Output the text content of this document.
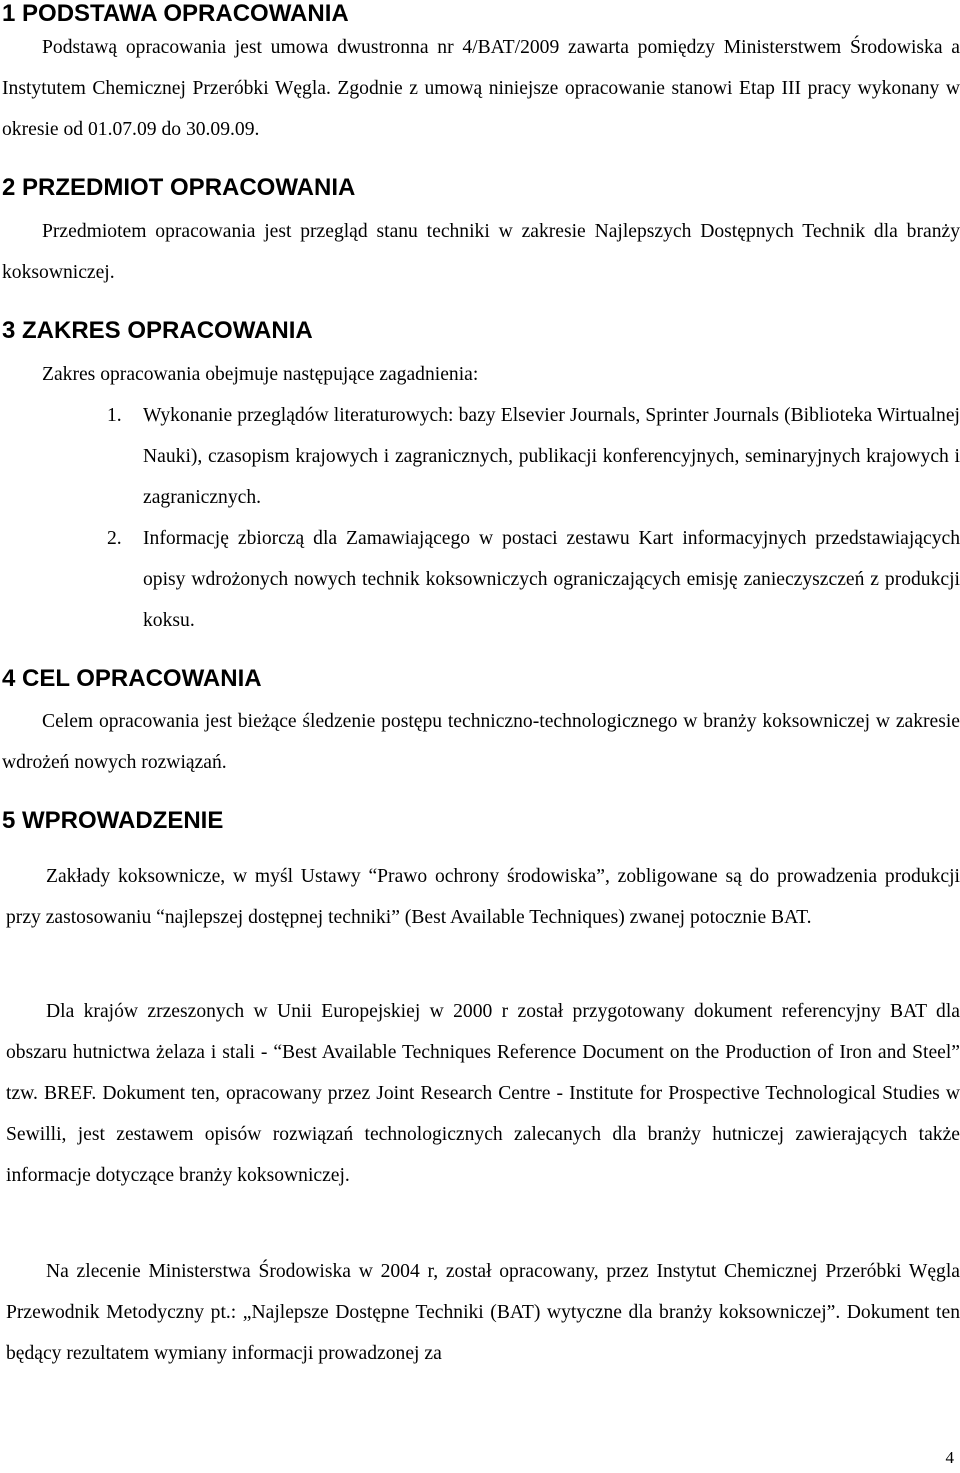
1 PODSTAWA OPRACOWANIA

Podstawą opracowania jest umowa dwustronna nr 4/BAT/2009 zawarta pomiędzy Ministerstwem Środowiska a Instytutem Chemicznej Przeróbki Węgla. Zgodnie z umową niniejsze opracowanie stanowi Etap III pracy wykonany w okresie od 01.07.09 do 30.09.09.

2 PRZEDMIOT OPRACOWANIA

Przedmiotem opracowania jest przegląd stanu techniki w zakresie Najlepszych Dostępnych Technik dla branży koksowniczej.

3 ZAKRES OPRACOWANIA

Zakres opracowania obejmuje następujące zagadnienia:

1. Wykonanie przeglądów literaturowych: bazy Elsevier Journals, Sprinter Journals (Biblioteka Wirtualnej Nauki), czasopism krajowych i zagranicznych, publikacji konferencyjnych, seminaryjnych krajowych i zagranicznych.

2. Informację zbiorczą dla Zamawiającego w postaci zestawu Kart informacyjnych przedstawiających opisy wdrożonych nowych technik koksowniczych ograniczających emisję zanieczyszczeń z produkcji koksu.

4 CEL OPRACOWANIA

Celem opracowania jest bieżące śledzenie postępu techniczno-technologicznego w branży koksowniczej w zakresie wdrożeń nowych rozwiązań.

5 WPROWADZENIE

Zakłady koksownicze, w myśl Ustawy “Prawo ochrony środowiska”, zobligowane są do prowadzenia produkcji przy zastosowaniu “najlepszej dostępnej techniki” (Best Available Techniques) zwanej potocznie BAT.

Dla krajów zrzeszonych w Unii Europejskiej w 2000 r został przygotowany dokument referencyjny BAT dla obszaru hutnictwa żelaza i stali - “Best Available Techniques Reference Document on the Production of Iron and Steel” tzw. BREF. Dokument ten, opracowany przez Joint Research Centre - Institute for Prospective Technological Studies w Sewilli, jest zestawem opisów rozwiązań technologicznych zalecanych dla branży hutniczej zawierających także informacje dotyczące branży koksowniczej.

Na zlecenie Ministerstwa Środowiska w 2004 r, został opracowany, przez Instytut Chemicznej Przeróbki Węgla Przewodnik Metodyczny pt.: „Najlepsze Dostępne Techniki (BAT) wytyczne dla branży koksowniczej”. Dokument ten będący rezultatem wymiany informacji prowadzonej za

4
